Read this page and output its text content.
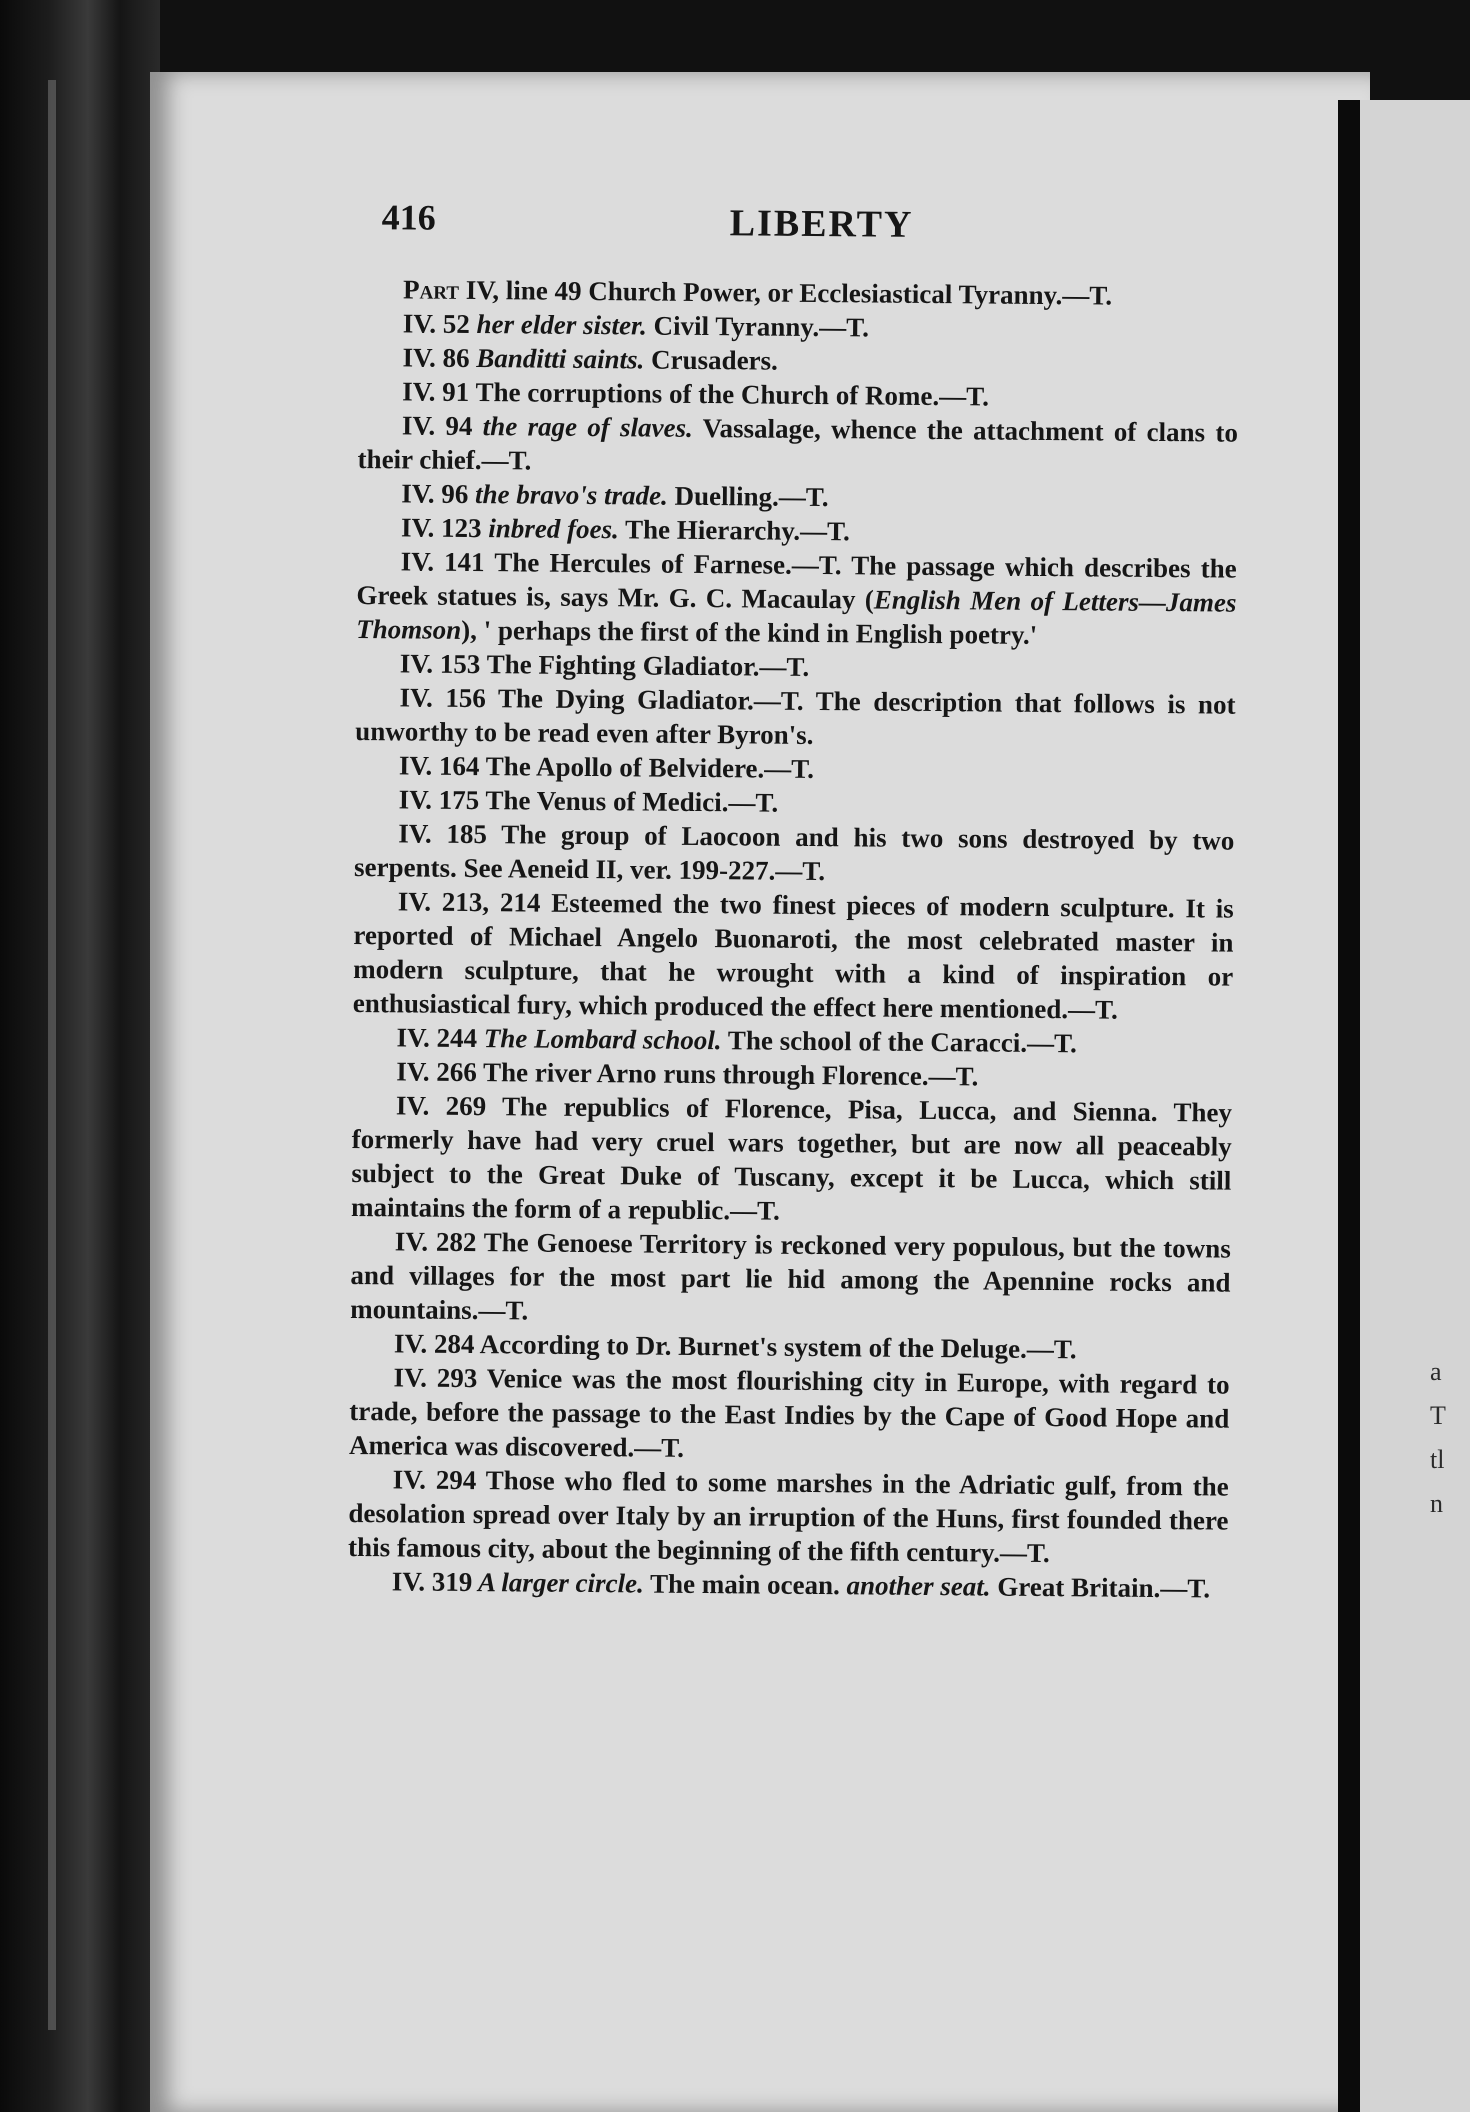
a
T
tl
n
416	LIBERTY

Part IV, line 49 Church Power, or Ecclesiastical Tyranny.—T.

IV. 52 her elder sister. Civil Tyranny.—T.

IV. 86 Banditti saints. Crusaders.

IV. 91 The corruptions of the Church of Rome.—T.

IV. 94 the rage of slaves. Vassalage, whence the attachment of clans to their chief.—T.

IV. 96 the bravo's trade. Duelling.—T.

IV. 123 inbred foes. The Hierarchy.—T.

IV. 141 The Hercules of Farnese.—T. The passage which describes the Greek statues is, says Mr. G. C. Macaulay (English Men of Letters—James Thomson), ' perhaps the first of the kind in English poetry.'

IV. 153 The Fighting Gladiator.—T.

IV. 156 The Dying Gladiator.—T. The description that follows is not unworthy to be read even after Byron's.

IV. 164 The Apollo of Belvidere.—T.

IV. 175 The Venus of Medici.—T.

IV. 185 The group of Laocoon and his two sons destroyed by two serpents. See Aeneid II, ver. 199-227.—T.

IV. 213, 214 Esteemed the two finest pieces of modern sculpture. It is reported of Michael Angelo Buonaroti, the most celebrated master in modern sculpture, that he wrought with a kind of inspiration or enthusiastical fury, which produced the effect here mentioned.—T.

IV. 244 The Lombard school. The school of the Caracci.—T.

IV. 266 The river Arno runs through Florence.—T.

IV. 269 The republics of Florence, Pisa, Lucca, and Sienna. They formerly have had very cruel wars together, but are now all peaceably subject to the Great Duke of Tuscany, except it be Lucca, which still maintains the form of a republic.—T.

IV. 282 The Genoese Territory is reckoned very populous, but the towns and villages for the most part lie hid among the Apennine rocks and mountains.—T.

IV. 284 According to Dr. Burnet's system of the Deluge.—T.

IV. 293 Venice was the most flourishing city in Europe, with regard to trade, before the passage to the East Indies by the Cape of Good Hope and America was discovered.—T.

IV. 294 Those who fled to some marshes in the Adriatic gulf, from the desolation spread over Italy by an irruption of the Huns, first founded there this famous city, about the beginning of the fifth century.—T.

IV. 319 A larger circle. The main ocean. another seat. Great Britain.—T.
